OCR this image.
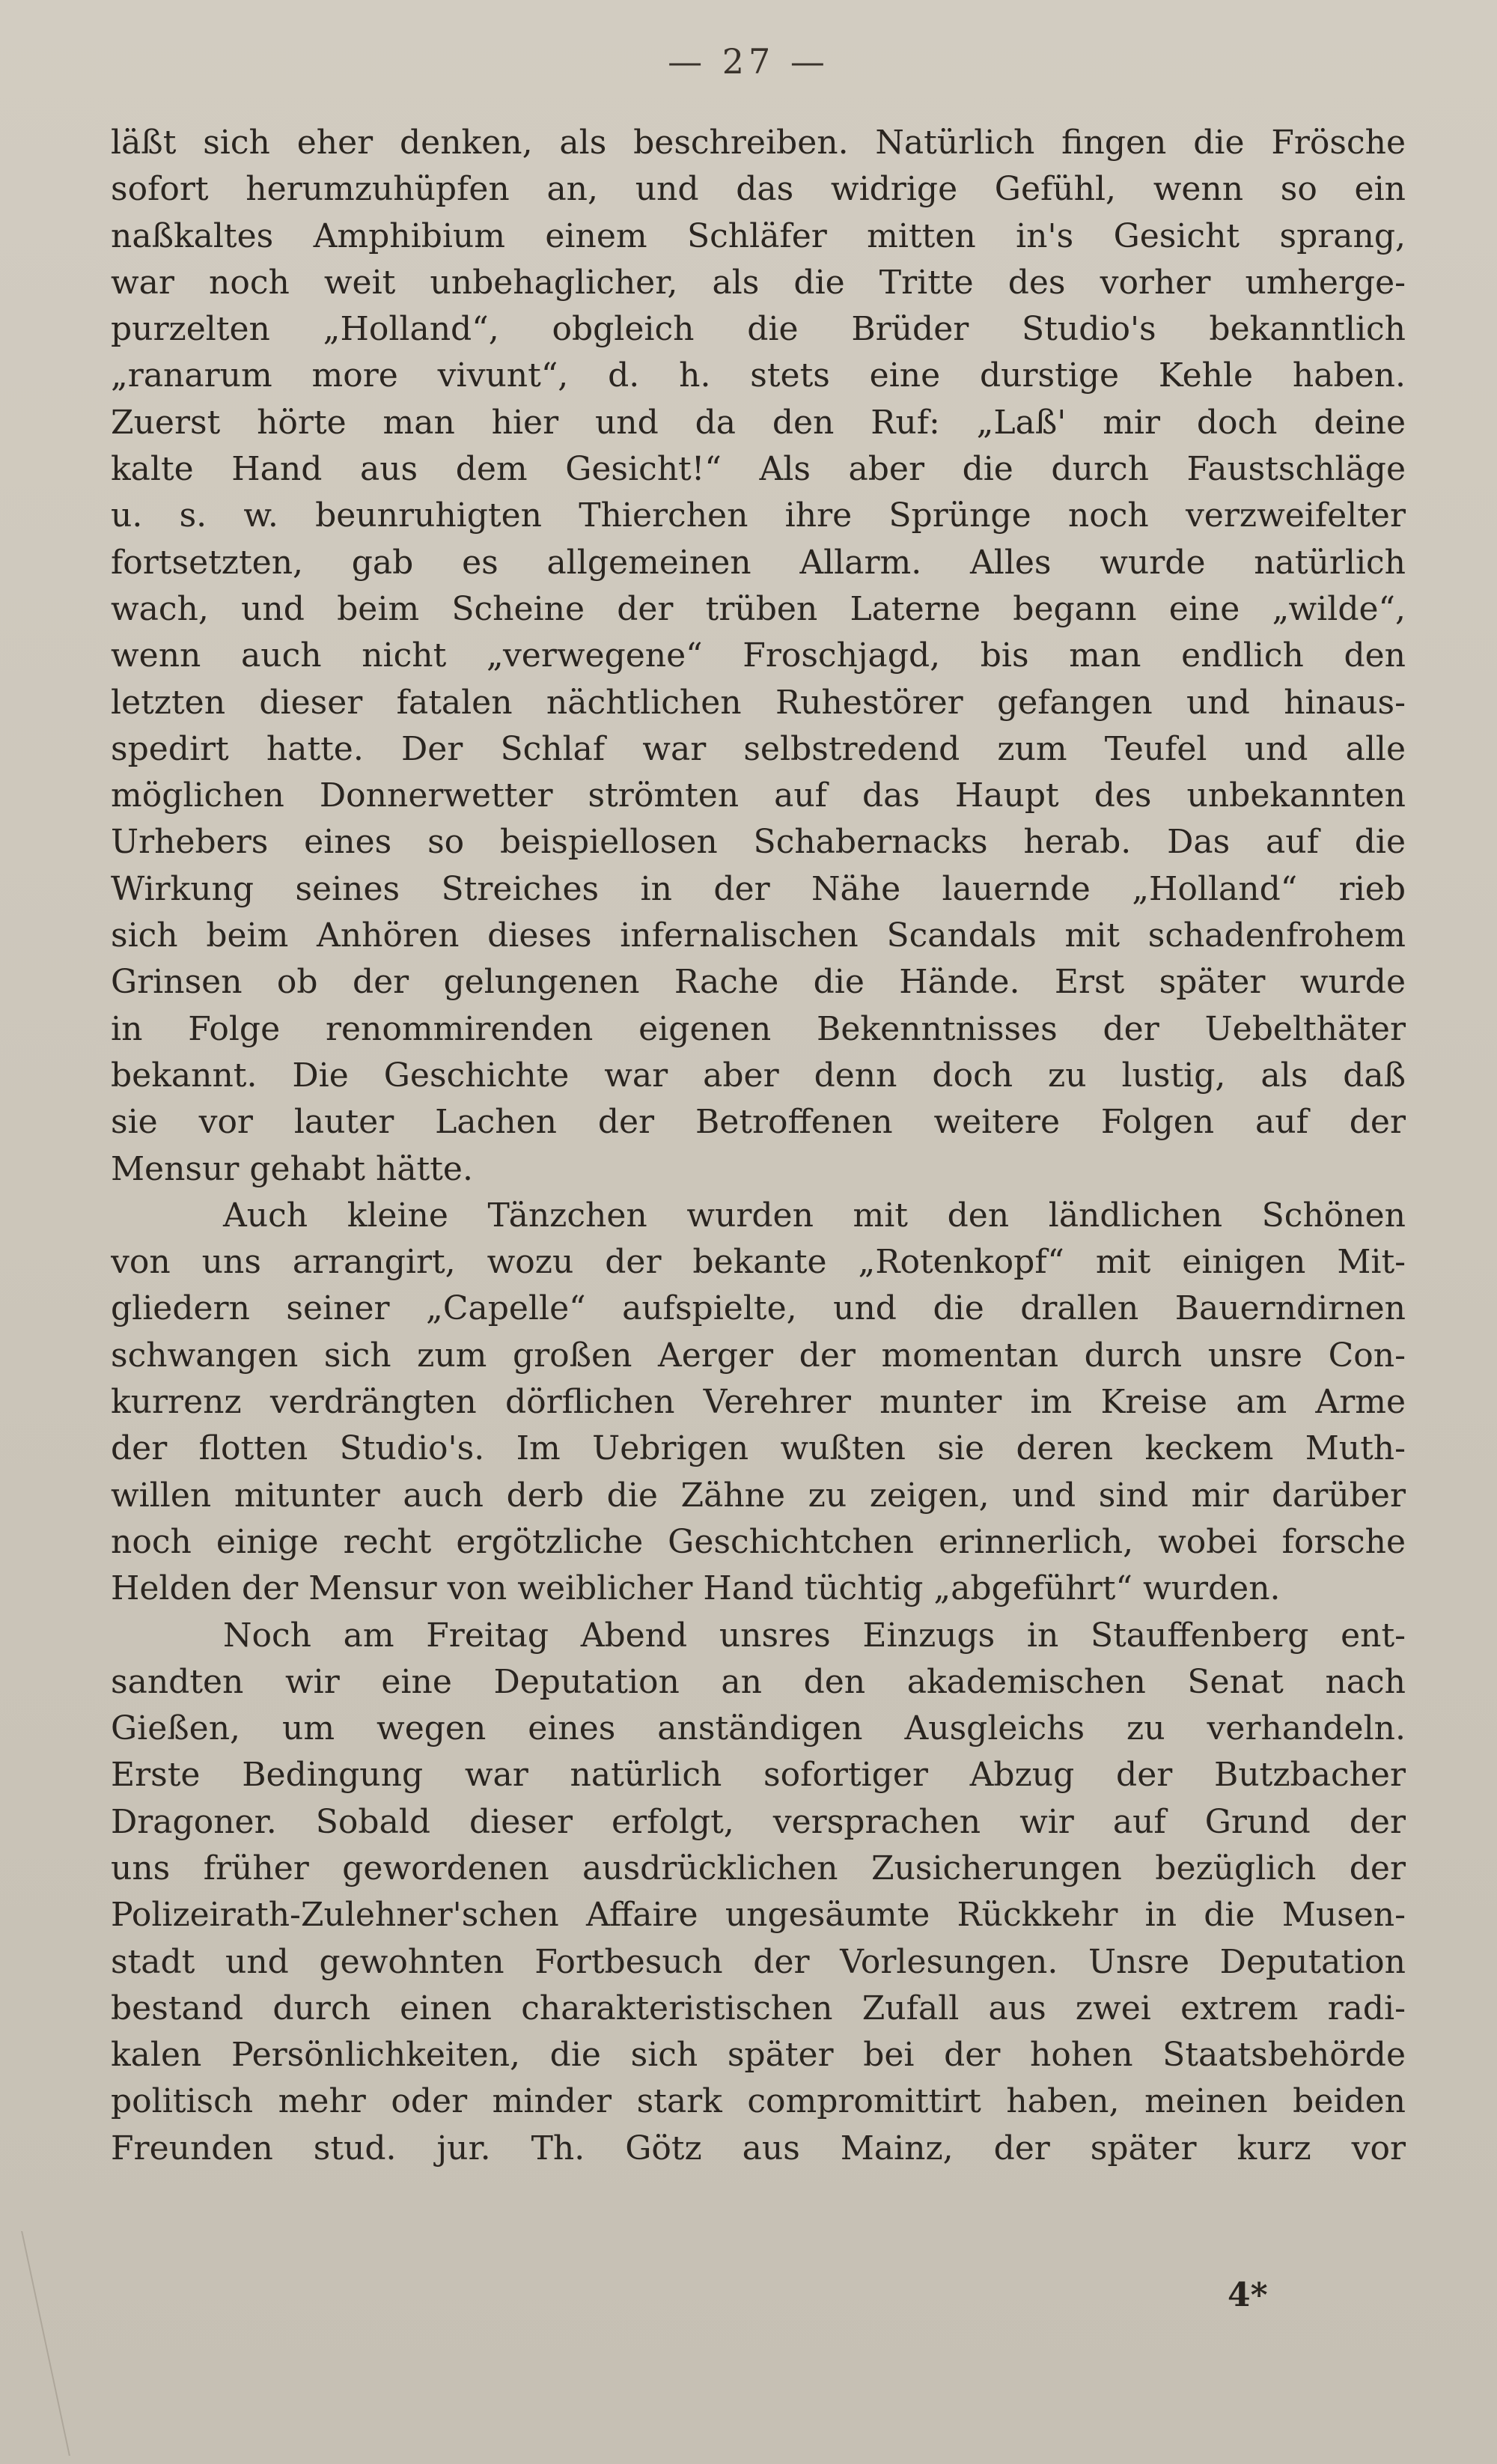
— 27 —
läßt sich eher denken, als beschreiben. Natürlich fingen die Frösche
sofort herumzuhüpfen an, und das widrige Gefühl, wenn so ein
naßkaltes Amphibium einem Schläfer mitten in's Gesicht sprang,
war noch weit unbehaglicher, als die Tritte des vorher umherge-
purzelten „Holland“, obgleich die Brüder Studio's bekanntlich
„ranarum more vivunt“, d. h. stets eine durstige Kehle haben.
Zuerst hörte man hier und da den Ruf: „Laß' mir doch deine
kalte Hand aus dem Gesicht!“ Als aber die durch Faustschläge
u. s. w. beunruhigten Thierchen ihre Sprünge noch verzweifelter
fortsetzten, gab es allgemeinen Allarm. Alles wurde natürlich
wach, und beim Scheine der trüben Laterne begann eine „wilde“,
wenn auch nicht „verwegene“ Froschjagd, bis man endlich den
letzten dieser fatalen nächtlichen Ruhestörer gefangen und hinaus-
spedirt hatte. Der Schlaf war selbstredend zum Teufel und alle
möglichen Donnerwetter strömten auf das Haupt des unbekannten
Urhebers eines so beispiellosen Schabernacks herab. Das auf die
Wirkung seines Streiches in der Nähe lauernde „Holland“ rieb
sich beim Anhören dieses infernalischen Scandals mit schadenfrohem
Grinsen ob der gelungenen Rache die Hände. Erst später wurde
in Folge renommirenden eigenen Bekenntnisses der Uebelthäter
bekannt. Die Geschichte war aber denn doch zu lustig, als daß
sie vor lauter Lachen der Betroffenen weitere Folgen auf der
Mensur gehabt hätte.
Auch kleine Tänzchen wurden mit den ländlichen Schönen
von uns arrangirt, wozu der bekante „Rotenkopf“ mit einigen Mit-
gliedern seiner „Capelle“ aufspielte, und die drallen Bauerndirnen
schwangen sich zum großen Aerger der momentan durch unsre Con-
kurrenz verdrängten dörflichen Verehrer munter im Kreise am Arme
der flotten Studio's. Im Uebrigen wußten sie deren keckem Muth-
willen mitunter auch derb die Zähne zu zeigen, und sind mir darüber
noch einige recht ergötzliche Geschichtchen erinnerlich, wobei forsche
Helden der Mensur von weiblicher Hand tüchtig „abgeführt“ wurden.
Noch am Freitag Abend unsres Einzugs in Stauffenberg ent-
sandten wir eine Deputation an den akademischen Senat nach
Gießen, um wegen eines anständigen Ausgleichs zu verhandeln.
Erste Bedingung war natürlich sofortiger Abzug der Butzbacher
Dragoner. Sobald dieser erfolgt, versprachen wir auf Grund der
uns früher gewordenen ausdrücklichen Zusicherungen bezüglich der
Polizeirath-Zulehner'schen Affaire ungesäumte Rückkehr in die Musen-
stadt und gewohnten Fortbesuch der Vorlesungen. Unsre Deputation
bestand durch einen charakteristischen Zufall aus zwei extrem radi-
kalen Persönlichkeiten, die sich später bei der hohen Staatsbehörde
politisch mehr oder minder stark compromittirt haben, meinen beiden
Freunden stud. jur. Th. Götz aus Mainz, der später kurz vor
4*
